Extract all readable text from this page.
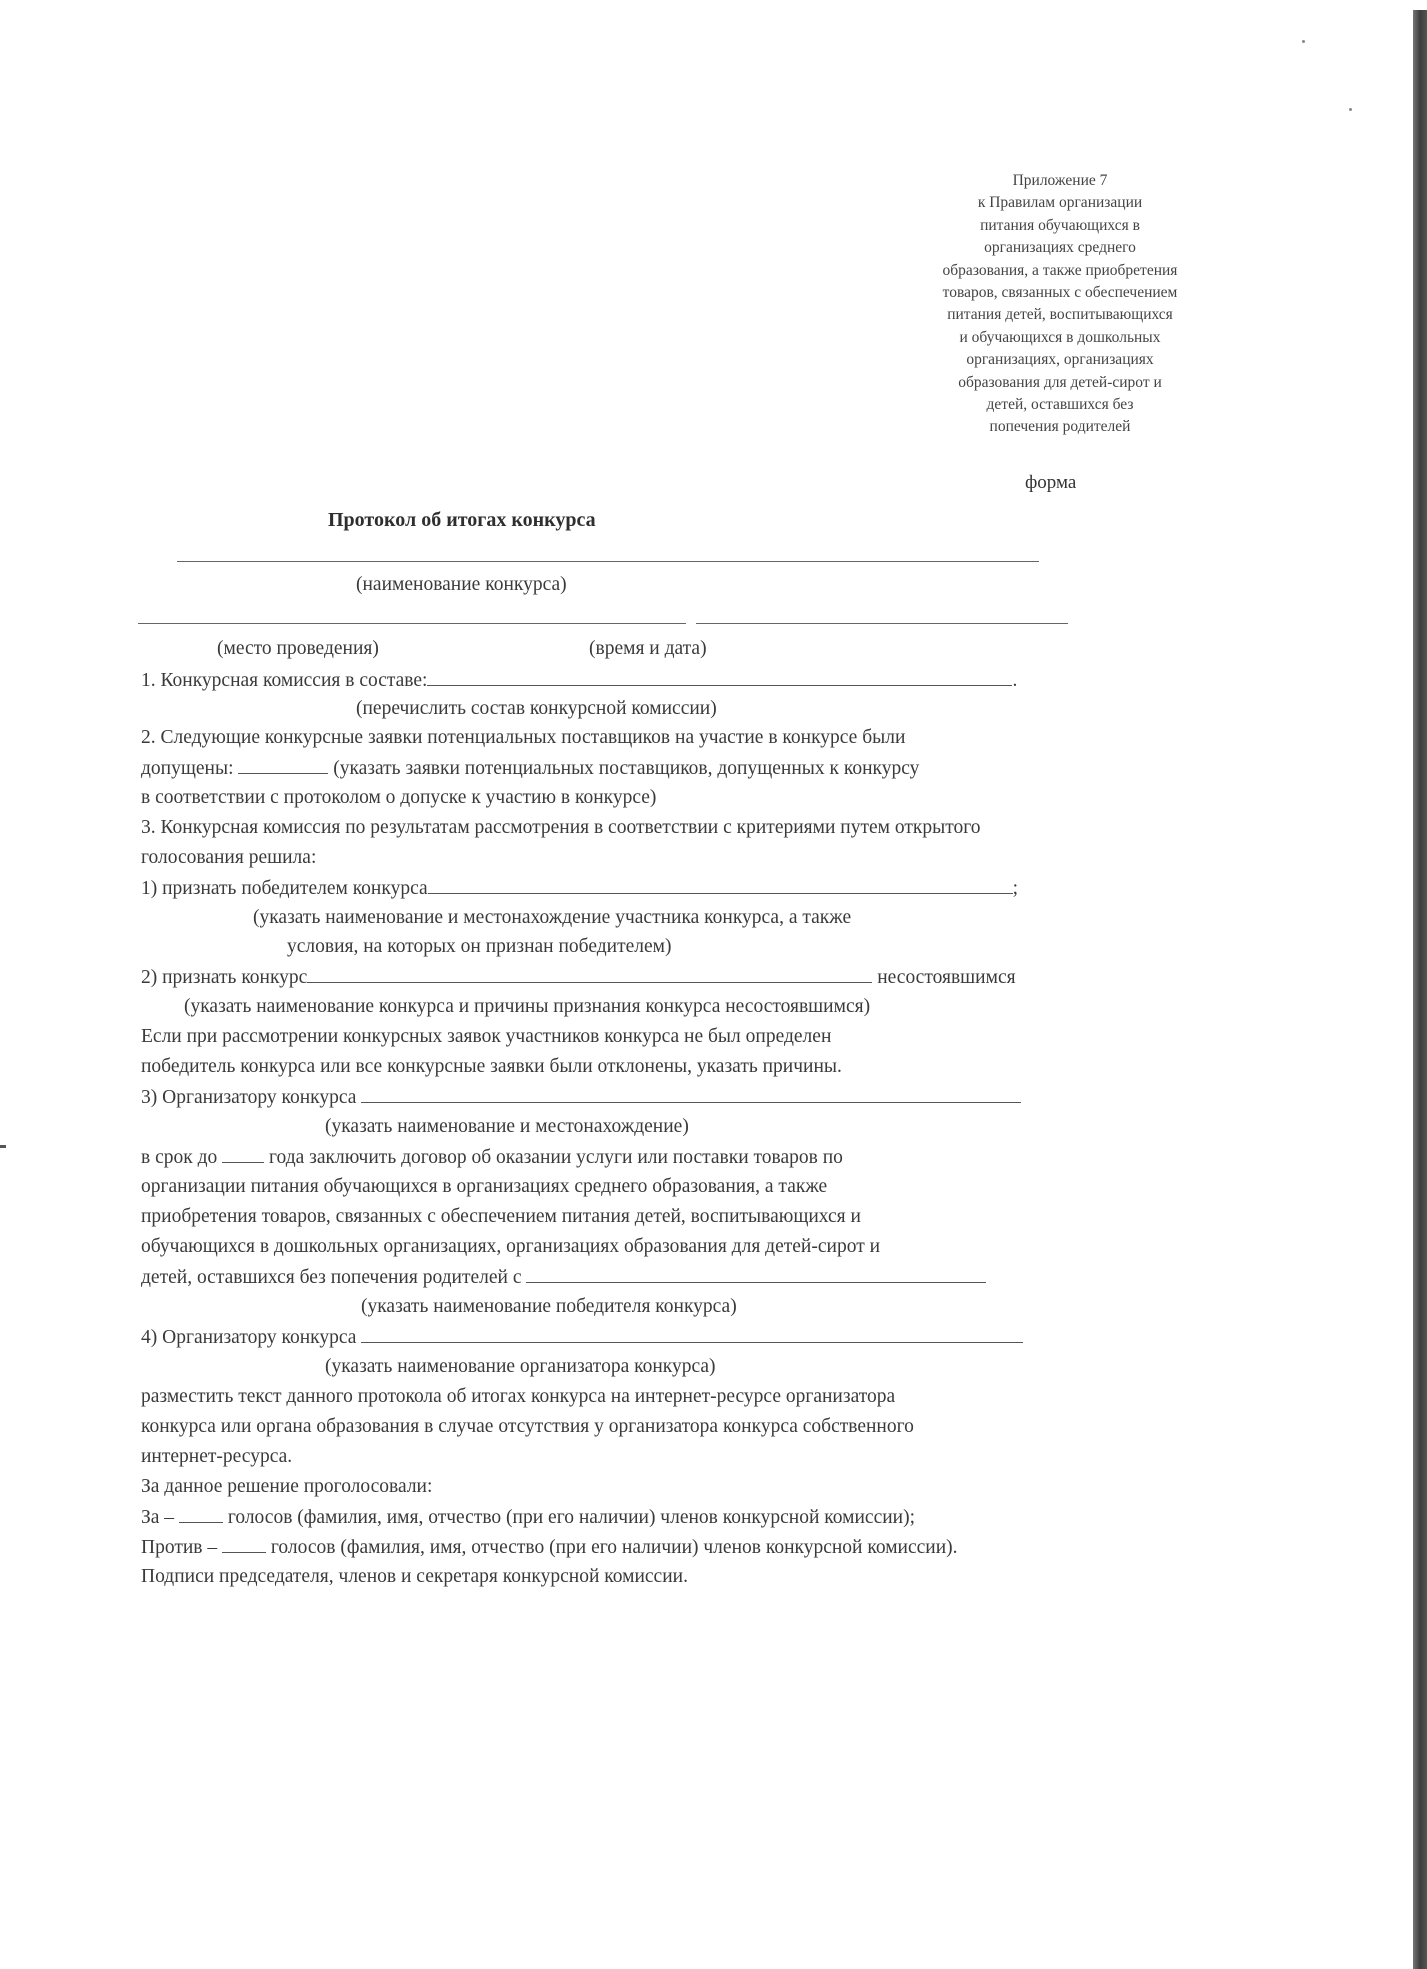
Приложение 7
к Правилам организации
питания обучающихся в
организациях среднего
образования, а также приобретения
товаров, связанных с обеспечением
питания детей, воспитывающихся
и обучающихся в дошкольных
организациях, организациях
образования для детей-сирот и
детей, оставшихся без
попечения родителей
форма
Протокол об итогах конкурса
(наименование конкурса)
(место проведения)	(время и дата)
1. Конкурсная комиссия в составе:	.
(перечислить состав конкурсной комиссии)
2. Следующие конкурсные заявки потенциальных поставщиков на участие в конкурсе были
допущены:	(указать заявки потенциальных поставщиков, допущенных к конкурсу
в соответствии с протоколом о допуске к участию в конкурсе)
3. Конкурсная комиссия по результатам рассмотрения в соответствии с критериями путем открытого
голосования решила:
1) признать победителем конкурса	;
(указать наименование и местонахождение участника конкурса, а также
условия, на которых он признан победителем)
2) признать конкурс	несостоявшимся
(указать наименование конкурса и причины признания конкурса несостоявшимся)
Если при рассмотрении конкурсных заявок участников конкурса не был определен
победитель конкурса или все конкурсные заявки были отклонены, указать причины.
3) Организатору конкурса
(указать наименование и местонахождение)
в срок до	года заключить договор об оказании услуги или поставки товаров по
организации питания обучающихся в организациях среднего образования, а также
приобретения товаров, связанных с обеспечением питания детей, воспитывающихся и
обучающихся в дошкольных организациях, организациях образования для детей-сирот и
детей, оставшихся без попечения родителей с
(указать наименование победителя конкурса)
4) Организатору конкурса
(указать наименование организатора конкурса)
разместить текст данного протокола об итогах конкурса на интернет-ресурсе организатора
конкурса или органа образования в случае отсутствия у организатора конкурса собственного
интернет-ресурса.
За данное решение проголосовали:
За –	голосов (фамилия, имя, отчество (при его наличии) членов конкурсной комиссии);
Против –	голосов (фамилия, имя, отчество (при его наличии) членов конкурсной комиссии).
Подписи председателя, членов и секретаря конкурсной комиссии.
